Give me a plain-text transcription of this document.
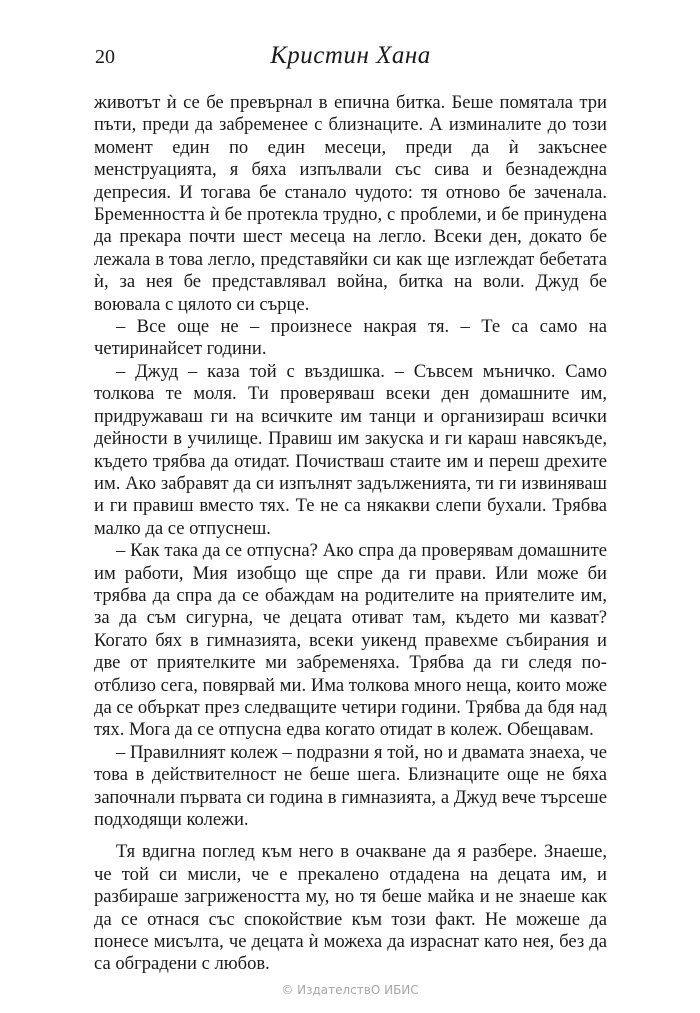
20	Кристин Хана

животът ѝ се бе превърнал в епична битка. Беше помятала три пъти, преди да забременее с близнаците. А изминалите до този момент един по един месеци, преди да ѝ закъснее менструацията, я бяха изпълвали със сива и безнадеждна депресия. И тогава бе станало чудото: тя отново бе заченала. Бременността ѝ бе протекла трудно, с проблеми, и бе принудена да прекара почти шест месеца на легло. Всеки ден, докато бе лежала в това легло, представяйки си как ще изглеждат бебетата ѝ, за нея бе представлявал война, битка на воли. Джуд бе воювала с цялото си сърце.

– Все още не – произнесе накрая тя. – Те са само на четиринайсет години.

– Джуд – каза той с въздишка. – Съвсем мъничко. Само толкова те моля. Ти проверяваш всеки ден домашните им, придружаваш ги на всичките им танци и организираш всички дейности в училище. Правиш им закуска и ги караш навсякъде, където трябва да отидат. Почистваш стаите им и переш дрехите им. Ако забравят да си изпълнят задълженията, ти ги извиняваш и ги правиш вместо тях. Те не са някакви слепи бухали. Трябва малко да се отпуснеш.

– Как така да се отпусна? Ако спра да проверявам домашните им работи, Мия изобщо ще спре да ги прави. Или може би трябва да спра да се обаждам на родителите на приятелите им, за да съм сигурна, че децата отиват там, където ми казват? Когато бях в гимназията, всеки уикенд правехме събирания и две от приятелките ми забременяха. Трябва да ги следя по-отблизо сега, повярвай ми. Има толкова много неща, които може да се объркат през следващите четири години. Трябва да бдя над тях. Мога да се отпусна едва когато отидат в колеж. Обещавам.

– Правилният колеж – подразни я той, но и двамата знаеха, че това в действителност не беше шега. Близнаците още не бяха започнали първата си година в гимназията, а Джуд вече търсеше подходящи колежи.

Тя вдигна поглед към него в очакване да я разбере. Знаеше, че той си мисли, че е прекалено отдадена на децата им, и разбираше загрижеността му, но тя беше майка и не знаеше как да се отнася със спокойствие към този факт. Не можеше да понесе мисълта, че децата ѝ можеха да израснат като нея, без да са обградени с любов.

© ИздателствО ИБИС
